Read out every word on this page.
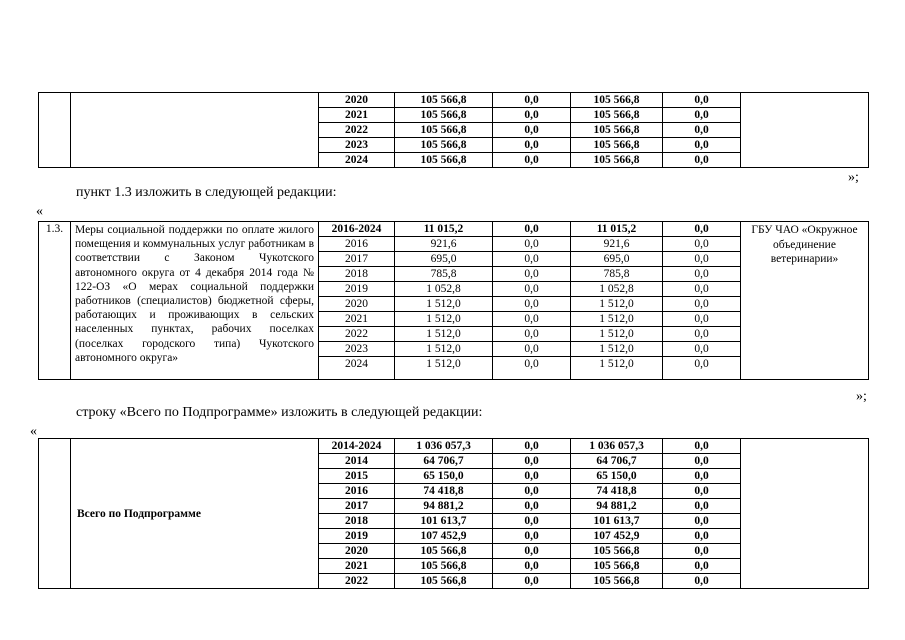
		2020	105 566,8	0,0	105 566,8	0,0	
		2021	105 566,8	0,0	105 566,8	0,0	
		2022	105 566,8	0,0	105 566,8	0,0	
		2023	105 566,8	0,0	105 566,8	0,0	
		2024	105 566,8	0,0	105 566,8	0,0	
»;
пункт 1.3 изложить в следующей редакции:
«
1.3.	Меры социальной поддержки по оплате жилого помещения и коммунальных услуг работникам в соответствии с Законом Чукотского автономного округа от 4 декабря 2014 года № 122-ОЗ «О мерах социальной поддержки работников (специалистов) бюджетной сферы, работающих и проживающих в сельских населенных пунктах, рабочих поселках (поселках городского типа) Чукотского автономного округа»	2016-2024	11 015,2	0,0	11 015,2	0,0	ГБУ ЧАО «Окружное объединение ветеринарии»
		2016	921,6	0,0	921,6	0,0	
		2017	695,0	0,0	695,0	0,0	
		2018	785,8	0,0	785,8	0,0	
		2019	1 052,8	0,0	1 052,8	0,0	
		2020	1 512,0	0,0	1 512,0	0,0	
		2021	1 512,0	0,0	1 512,0	0,0	
		2022	1 512,0	0,0	1 512,0	0,0	
		2023	1 512,0	0,0	1 512,0	0,0	
		2024	1 512,0	0,0	1 512,0	0,0	
»;
строку «Всего по Подпрограмме» изложить в следующей редакции:
«
	Всего по Подпрограмме	2014-2024	1 036 057,3	0,0	1 036 057,3	0,0	
		2014	64 706,7	0,0	64 706,7	0,0	
		2015	65 150,0	0,0	65 150,0	0,0	
		2016	74 418,8	0,0	74 418,8	0,0	
		2017	94 881,2	0,0	94 881,2	0,0	
		2018	101 613,7	0,0	101 613,7	0,0	
		2019	107 452,9	0,0	107 452,9	0,0	
		2020	105 566,8	0,0	105 566,8	0,0	
		2021	105 566,8	0,0	105 566,8	0,0	
		2022	105 566,8	0,0	105 566,8	0,0	
